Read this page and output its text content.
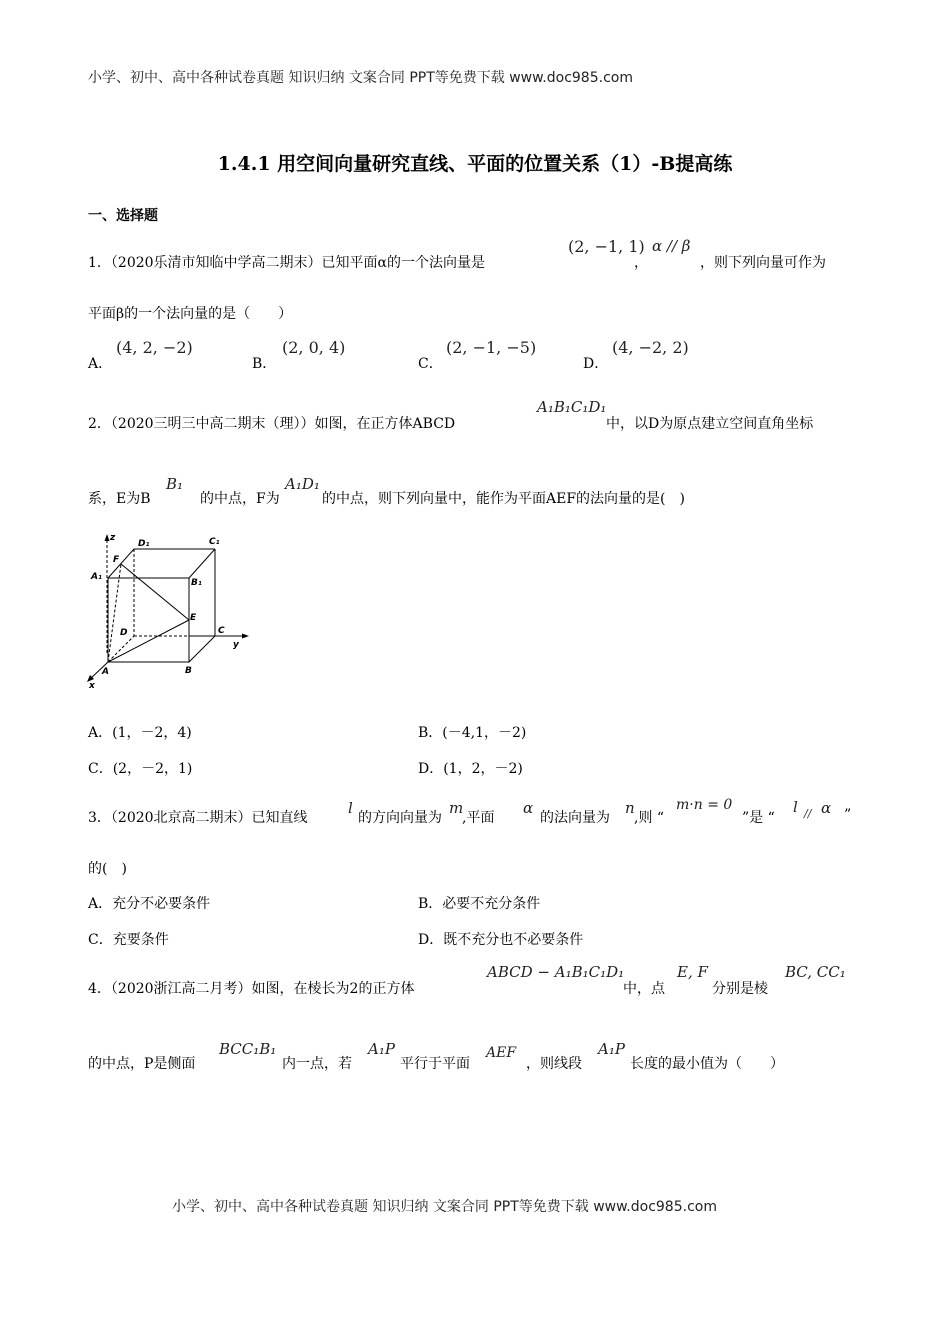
小学、初中、高中各种试卷真题 知识归纳 文案合同 PPT等免费下载 www.doc985.com
1.4.1 用空间向量研究直线、平面的位置关系（1）-B提高练
一、选择题
1．（2020乐清市知临中学高二期末）已知平面α的一个法向量是
(2, −1, 1)
，
α // β
，则下列向量可作为
平面β的一个法向量的是（　　）
A．
(4, 2, −2)
B．
(2, 0, 4)
C．
(2, −1, −5)
D．
(4, −2, 2)
2．（2020三明三中高二期末（理））如图，在正方体ABCD
A₁B₁C₁D₁
中，以D为原点建立空间直角坐标
系，E为B
B₁
的中点，F为
A₁D₁
的中点，则下列向量中，能作为平面AEF的法向量的是(　)
z
D₁	C₁
F
A₁
B₁
E
D	C
y
A	B
x
A．(1，－2，4)	B．(－4,1，－2)
C．(2，－2，1)	D．(1，2，－2)
3．（2020北京高二期末）已知直线
l
的方向向量为
m
,平面
α
的法向量为
n
,则 “
m·n = 0
”是 “
l // α ”
的(　)
A．充分不必要条件	B．必要不充分条件
C．充要条件	D．既不充分也不必要条件
4．（2020浙江高二月考）如图，在棱长为2的正方体
ABCD − A₁B₁C₁D₁
中，点
E, F
分别是棱
BC, CC₁
的中点，P是侧面
BCC₁B₁
内一点，若
A₁P
平行于平面
AEF
，则线段
A₁P
长度的最小值为（　　）
小学、初中、高中各种试卷真题 知识归纳 文案合同 PPT等免费下载 www.doc985.com
